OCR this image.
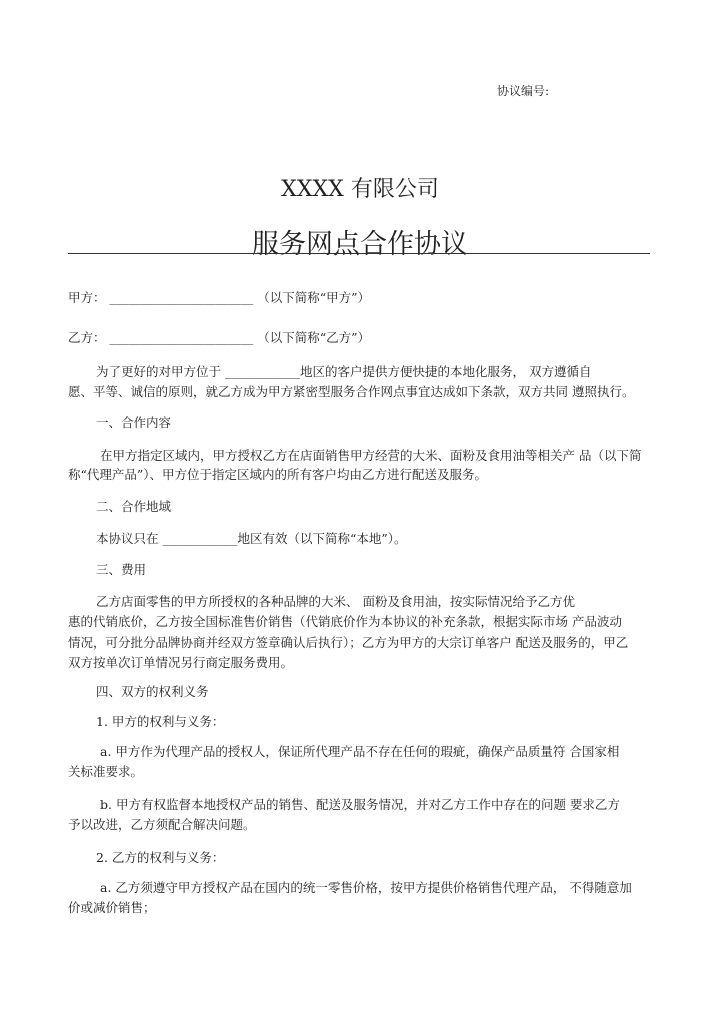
协议编号:
XXXX 有限公司
服务网点合作协议
甲方： _______________________ （以下简称“甲方”）
乙方： _______________________ （以下简称“乙方”）
为了更好的对甲方位于 ____________地区的客户提供方便快捷的本地化服务， 双方遵循自
愿、平等、诚信的原则，就乙方成为甲方紧密型服务合作网点事宜达成如下条款，双方共同 遵照执行。
一、合作内容
在甲方指定区域内，甲方授权乙方在店面销售甲方经营的大米、面粉及食用油等相关产 品（以下简
称“代理产品”）、甲方位于指定区域内的所有客户均由乙方进行配送及服务。
二、合作地域
本协议只在 ____________地区有效（以下简称“本地”）。
三、费用
乙方店面零售的甲方所授权的各种品牌的大米、 面粉及食用油，按实际情况给予乙方优
惠的代销底价，乙方按全国标准售价销售（代销底价作为本协议的补充条款，根据实际市场 产品波动
情况，可分批分品牌协商并经双方签章确认后执行）；乙方为甲方的大宗订单客户 配送及服务的，甲乙
双方按单次订单情况另行商定服务费用。
四、双方的权利义务
1. 甲方的权利与义务：
a. 甲方作为代理产品的授权人，保证所代理产品不存在任何的瑕疵，确保产品质量符 合国家相
关标准要求。
b. 甲方有权监督本地授权产品的销售、配送及服务情况，并对乙方工作中存在的问题 要求乙方
予以改进，乙方须配合解决问题。
2. 乙方的权利与义务：
a. 乙方须遵守甲方授权产品在国内的统一零售价格，按甲方提供价格销售代理产品， 不得随意加
价或减价销售；
